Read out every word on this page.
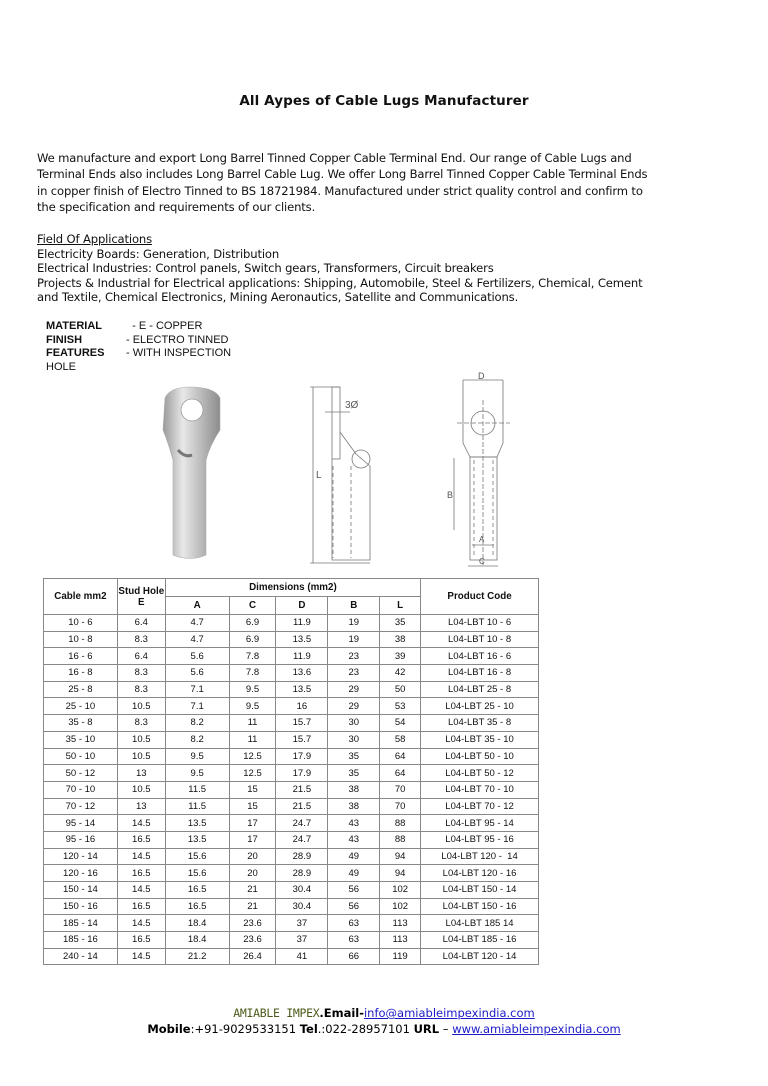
All Aypes of Cable Lugs Manufacturer
We manufacture and export Long Barrel Tinned Copper Cable Terminal End. Our range of Cable Lugs and
Terminal Ends also includes Long Barrel Cable Lug. We offer Long Barrel Tinned Copper Cable Terminal Ends
in copper finish of Electro Tinned to BS 18721984. Manufactured under strict quality control and confirm to
the specification and requirements of our clients.
Field Of Applications
Electricity Boards: Generation, Distribution
Electrical Industries: Control panels, Switch gears, Transformers, Circuit breakers
Projects & Industrial for Electrical applications: Shipping, Automobile, Steel & Fertilizers, Chemical, Cement
and Textile, Chemical Electronics, Mining Aeronautics, Satellite and Communications.
MATERIAL	- E - COPPER
FINISH	- ELECTRO TINNED
FEATURES	- WITH INSPECTION
HOLE
L
3Ø
D
B
A
C
Cable mm2	Stud Hole E	Dimensions (mm2)					Product Code
		A	C	D	B	L	
10 - 6	6.4	4.7	6.9	11.9	19	35	L04-LBT 10 - 6
10 - 8	8.3	4.7	6.9	13.5	19	38	L04-LBT 10 - 8
16 - 6	6.4	5.6	7.8	11.9	23	39	L04-LBT 16 - 6
16 - 8	8.3	5.6	7.8	13.6	23	42	L04-LBT 16 - 8
25 - 8	8.3	7.1	9.5	13.5	29	50	L04-LBT 25 - 8
25 - 10	10.5	7.1	9.5	16	29	53	L04-LBT 25 - 10
35 - 8	8.3	8.2	11	15.7	30	54	L04-LBT 35 - 8
35 - 10	10.5	8.2	11	15.7	30	58	L04-LBT 35 - 10
50 - 10	10.5	9.5	12.5	17.9	35	64	L04-LBT 50 - 10
50 - 12	13	9.5	12.5	17.9	35	64	L04-LBT 50 - 12
70 - 10	10.5	11.5	15	21.5	38	70	L04-LBT 70 - 10
70 - 12	13	11.5	15	21.5	38	70	L04-LBT 70 - 12
95 - 14	14.5	13.5	17	24.7	43	88	L04-LBT 95 - 14
95 - 16	16.5	13.5	17	24.7	43	88	L04-LBT 95 - 16
120 - 14	14.5	15.6	20	28.9	49	94	L04-LBT 120 -  14
120 - 16	16.5	15.6	20	28.9	49	94	L04-LBT 120 - 16
150 - 14	14.5	16.5	21	30.4	56	102	L04-LBT 150 - 14
150 - 16	16.5	16.5	21	30.4	56	102	L04-LBT 150 - 16
185 - 14	14.5	18.4	23.6	37	63	113	L04-LBT 185 14
185 - 16	16.5	18.4	23.6	37	63	113	L04-LBT 185 - 16
240 - 14	14.5	21.2	26.4	41	66	119	L04-LBT 120 - 14
AMIABLE IMPEX.Email-info@amiableimpexindia.com
Mobile:+91-9029533151 Tel.:022-28957101 URL – www.amiableimpexindia.com
